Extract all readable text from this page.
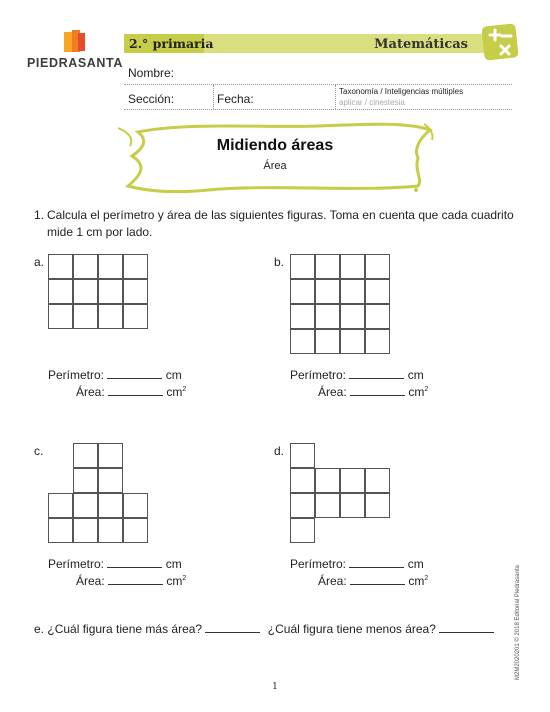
PIEDRASANTA
2.° primaria	Matemáticas
Nombre:
Sección:	Fecha:
Taxonomía / Inteligencias múltiples
aplicar / cinestesia
Midiendo áreas
Área
1. Calcula el perímetro y área de las siguientes figuras. Toma en cuenta que cada cuadrito mide 1 cm por lado.
a.	b.
Perímetro:	cm
Área:	$cm^2$
Perímetro:	cm
Área:	$cm^2$
c.	d.
Perímetro:	cm
Área:	$cm^2$
Perímetro:	cm
Área:	$cm^2$
e. ¿Cuál figura tiene más área?	¿Cuál figura tiene menos área?	M2M2020201 © 2018 Editorial Piedrasanta
1
